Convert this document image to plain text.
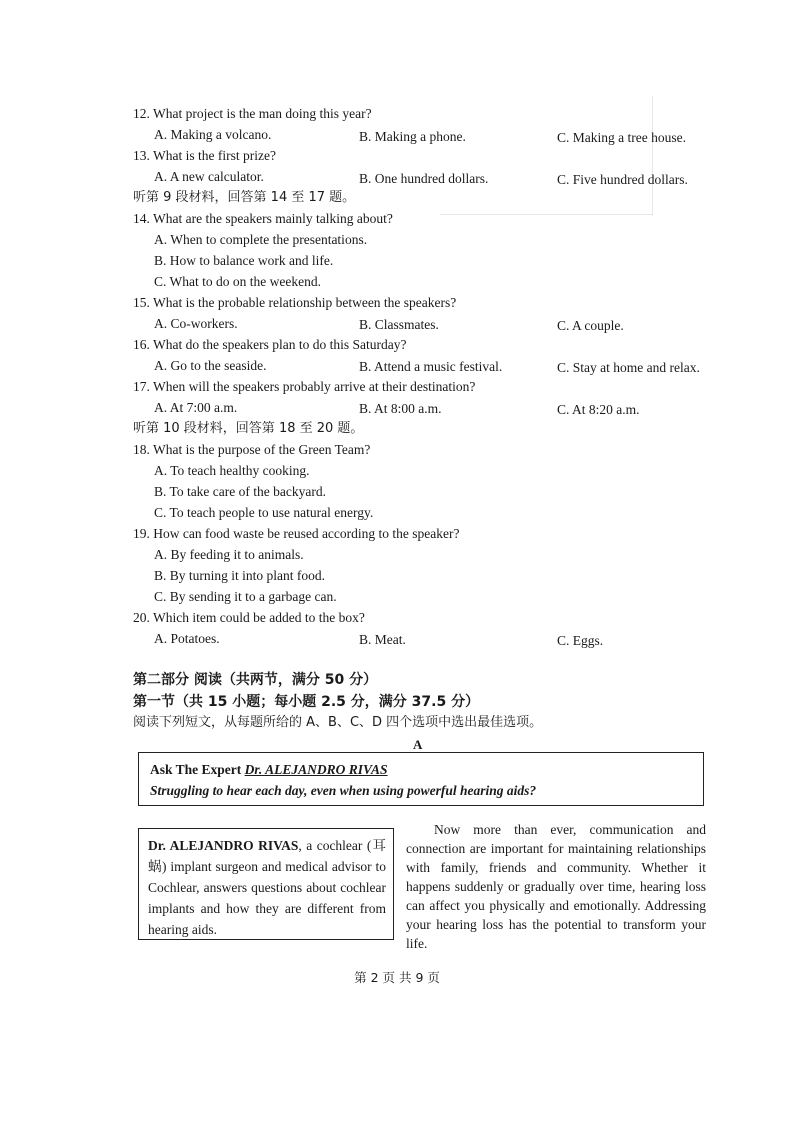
12. What project is the man doing this year?
A. Making a volcano.	B. Making a phone.	C. Making a tree house.
13. What is the first prize?
A. A new calculator.	B. One hundred dollars.	C. Five hundred dollars.
听第 9 段材料，回答第 14 至 17 题。
14. What are the speakers mainly talking about?
A. When to complete the presentations.
B. How to balance work and life.
C. What to do on the weekend.
15. What is the probable relationship between the speakers?
A. Co-workers.	B. Classmates.	C. A couple.
16. What do the speakers plan to do this Saturday?
A. Go to the seaside.	B. Attend a music festival.	C. Stay at home and relax.
17. When will the speakers probably arrive at their destination?
A. At 7:00 a.m.	B. At 8:00 a.m.	C. At 8:20 a.m.
听第 10 段材料，回答第 18 至 20 题。
18. What is the purpose of the Green Team?
A. To teach healthy cooking.
B. To take care of the backyard.
C. To teach people to use natural energy.
19. How can food waste be reused according to the speaker?
A. By feeding it to animals.
B. By turning it into plant food.
C. By sending it to a garbage can.
20. Which item could be added to the box?
A. Potatoes.	B. Meat.	C. Eggs.
第二部分 阅读（共两节，满分 50 分）
第一节（共 15 小题；每小题 2.5 分，满分 37.5 分）
阅读下列短文，从每题所给的 A、B、C、D 四个选项中选出最佳选项。
A
Ask The Expert Dr. ALEJANDRO RIVAS
Struggling to hear each day, even when using powerful hearing aids?
Dr. ALEJANDRO RIVAS, a cochlear (耳蜗) implant surgeon and medical advisor to Cochlear, answers questions about cochlear implants and how they are different from hearing aids.
Now more than ever, communication and connection are important for maintaining relationships with family, friends and community. Whether it happens suddenly or gradually over time, hearing loss can affect you physically and emotionally. Addressing your hearing loss has the potential to transform your life.
第 2 页 共 9 页
